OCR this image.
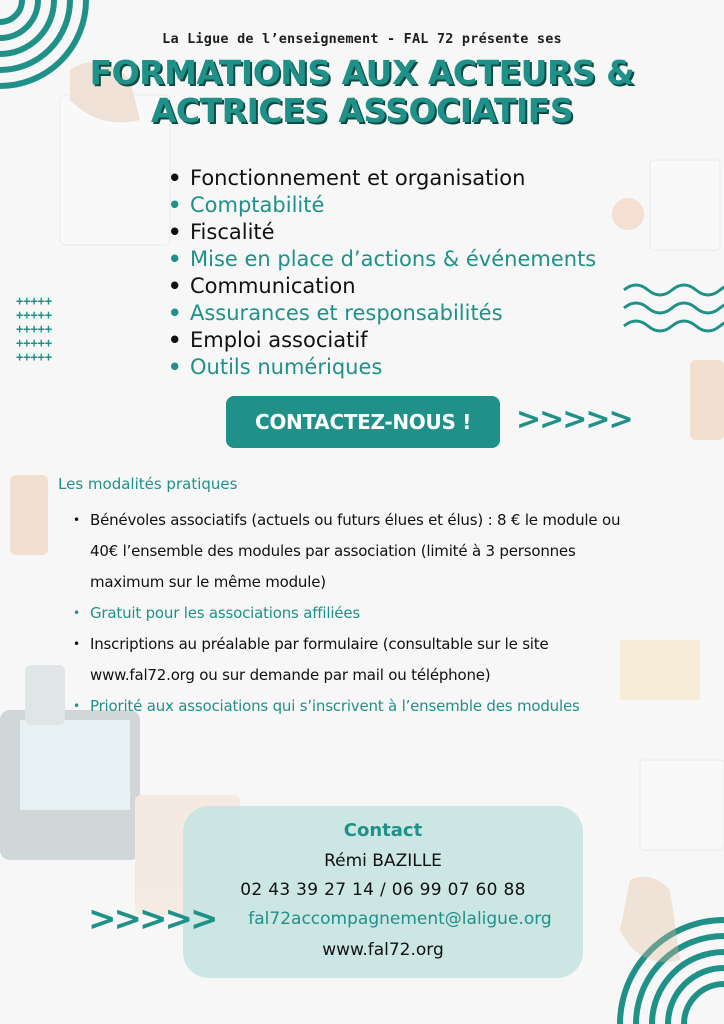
+++++
+++++
+++++
+++++
+++++
La Ligue de l’enseignement - FAL 72 présente ses
FORMATIONS AUX ACTEURS &
ACTRICES ASSOCIATIFS
• Fonctionnement et organisation
• Comptabilité
• Fiscalité
• Mise en place d’actions & événements
• Communication
• Assurances et responsabilités
• Emploi associatif
• Outils numériques
CONTACTEZ-NOUS !	>>>>>
Les modalités pratiques
• Bénévoles associatifs (actuels ou futurs élues et élus) : 8 € le module ou
40€ l’ensemble des modules par association (limité à 3 personnes
maximum sur le même module)
• Gratuit pour les associations affiliées
• Inscriptions au préalable par formulaire (consultable sur le site
www.fal72.org ou sur demande par mail ou téléphone)
• Priorité aux associations qui s’inscrivent à l’ensemble des modules
Contact
Rémi BAZILLE
02 43 39 27 14 / 06 99 07 60 88
fal72accompagnement@laligue.org
www.fal72.org
>>>>>
